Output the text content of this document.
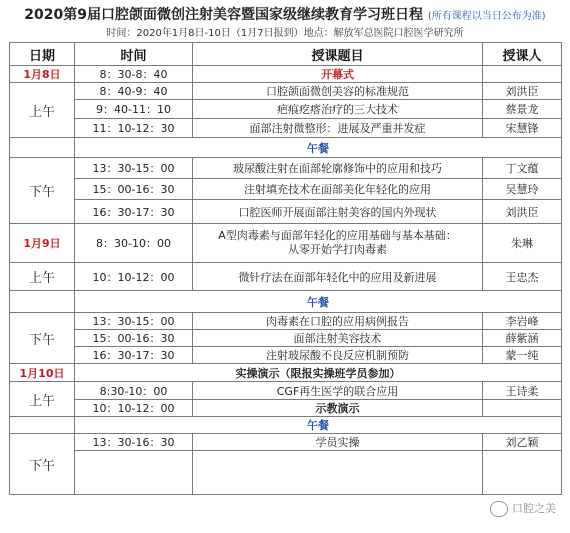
2020第9届口腔颌面微创注射美容暨国家级继续教育学习班日程 (所有课程以当日公布为准)
时间：2020年1月8日-10日（1月7日报到）地点：解放军总医院口腔医学研究所
日期	时间	授课题目	授课人
1月8日	8：30-8：40	开幕式	
上午	8：40-9：40	口腔颌面微创美容的标准规范	刘洪臣
	9：40-11：10	疤痕疙瘩治疗的三大技术	蔡景龙
	11：10-12：30	面部注射微整形：进展及严重并发症	宋慧锋
	午餐		
下午	13：30-15：00	玻尿酸注射在面部轮廓修饰中的应用和技巧	丁文蕴
	15：00-16：30	注射填充技术在面部美化年轻化的应用	吴慧玲
	16：30-17：30	口腔医师开展面部注射美容的国内外现状	刘洪臣
1月9日	8：30-10：00	A型肉毒素与面部年轻化的应用基础与基本基础：
从零开始学打肉毒素	朱琳
上午	10：10-12：00	微针疗法在面部年轻化中的应用及新进展	王忠杰
	午餐		
下午	13：30-15：00	肉毒素在口腔的应用病例报告	李岩峰
	15：00-16：30	面部注射美容技术	薛紫涵
	16：30-17：30	注射玻尿酸不良反应机制预防	蒙一纯
1月10日	实操演示（限报实操班学员参加）		
上午	8:30-10：00	CGF再生医学的联合应用	王诗柔
	10：10-12：00	示教演示	
	午餐		
下午	13：30-16：30	学员实操	刘乙颖

口腔之美
